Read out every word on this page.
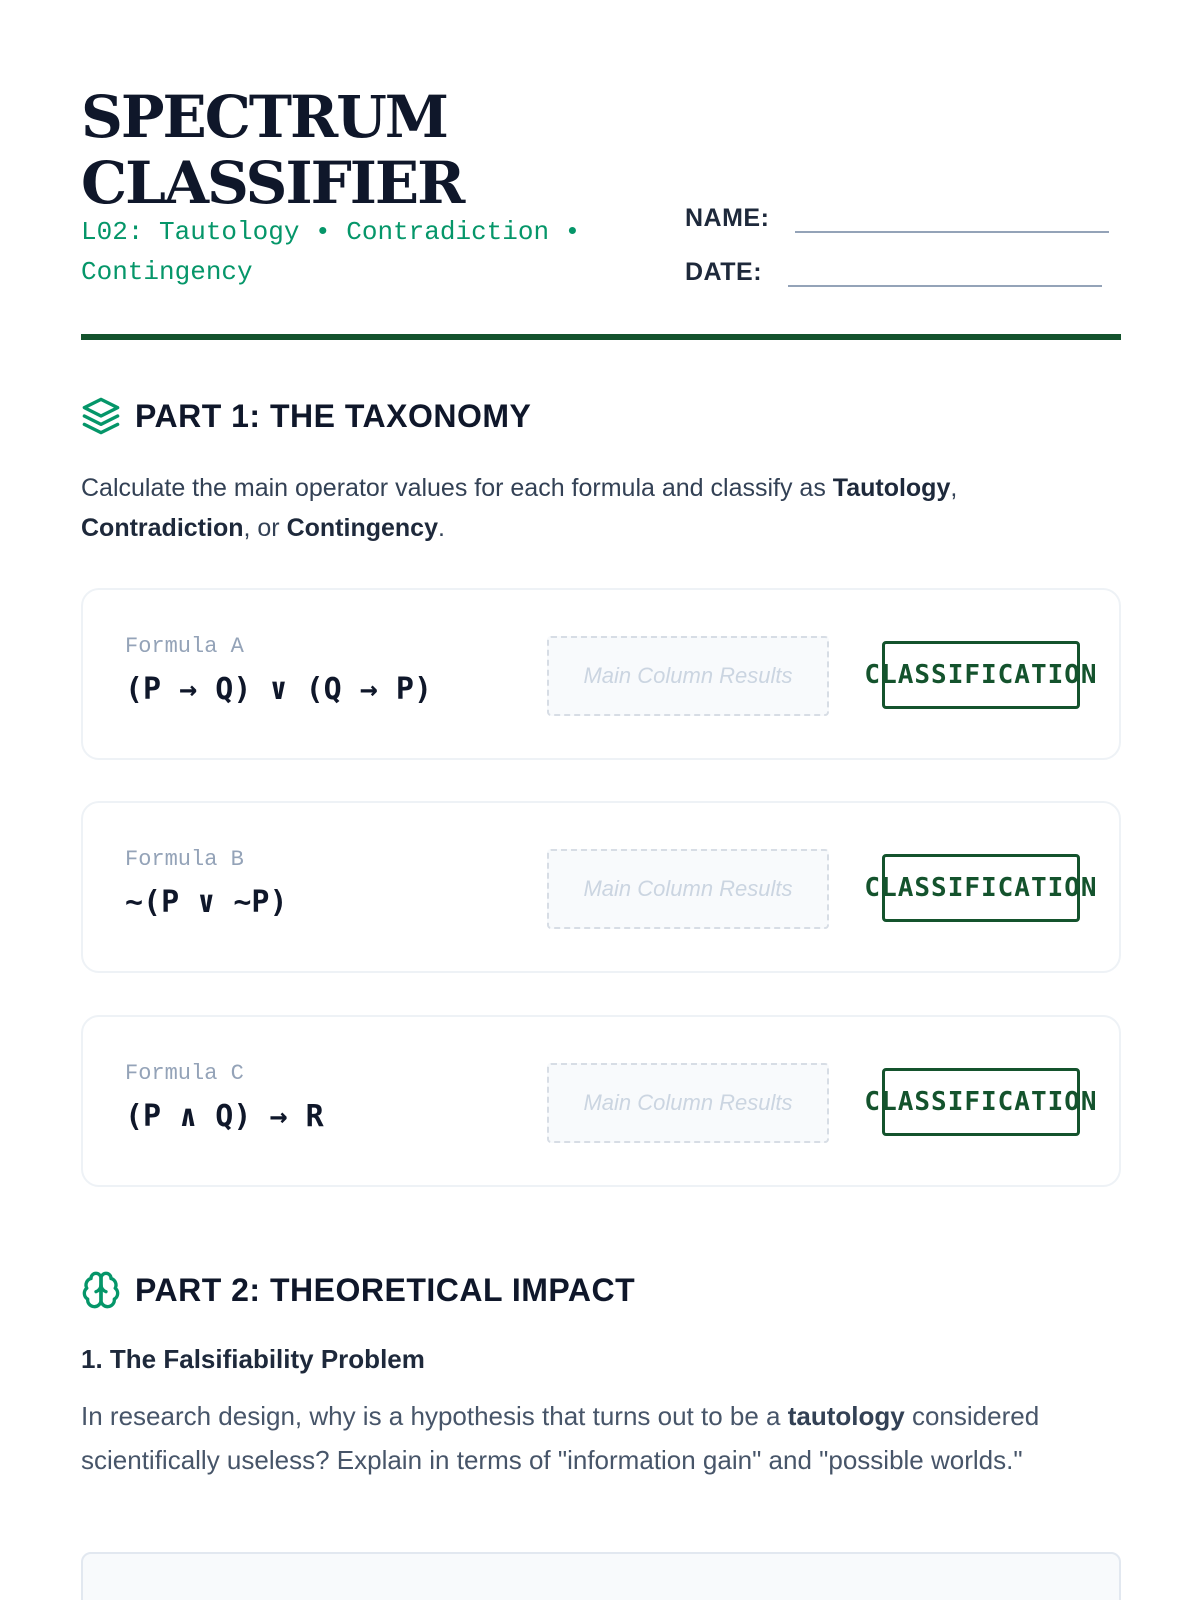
SPECTRUM
CLASSIFIER
L02: Tautology • Contradiction • Contingency
NAME:
DATE:
PART 1: THE TAXONOMY

Calculate the main operator values for each formula and classify as Tautology, Contradiction, or Contingency.

Formula A
(P → Q) ∨ (Q → P)	Main Column Results	CLASSIFICATION
Formula B
~(P ∨ ~P)	Main Column Results	CLASSIFICATION
Formula C
(P ∧ Q) → R	Main Column Results	CLASSIFICATION
PART 2: THEORETICAL IMPACT
1. The Falsifiability Problem

In research design, why is a hypothesis that turns out to be a tautology considered scientifically useless? Explain in terms of "information gain" and "possible worlds."
